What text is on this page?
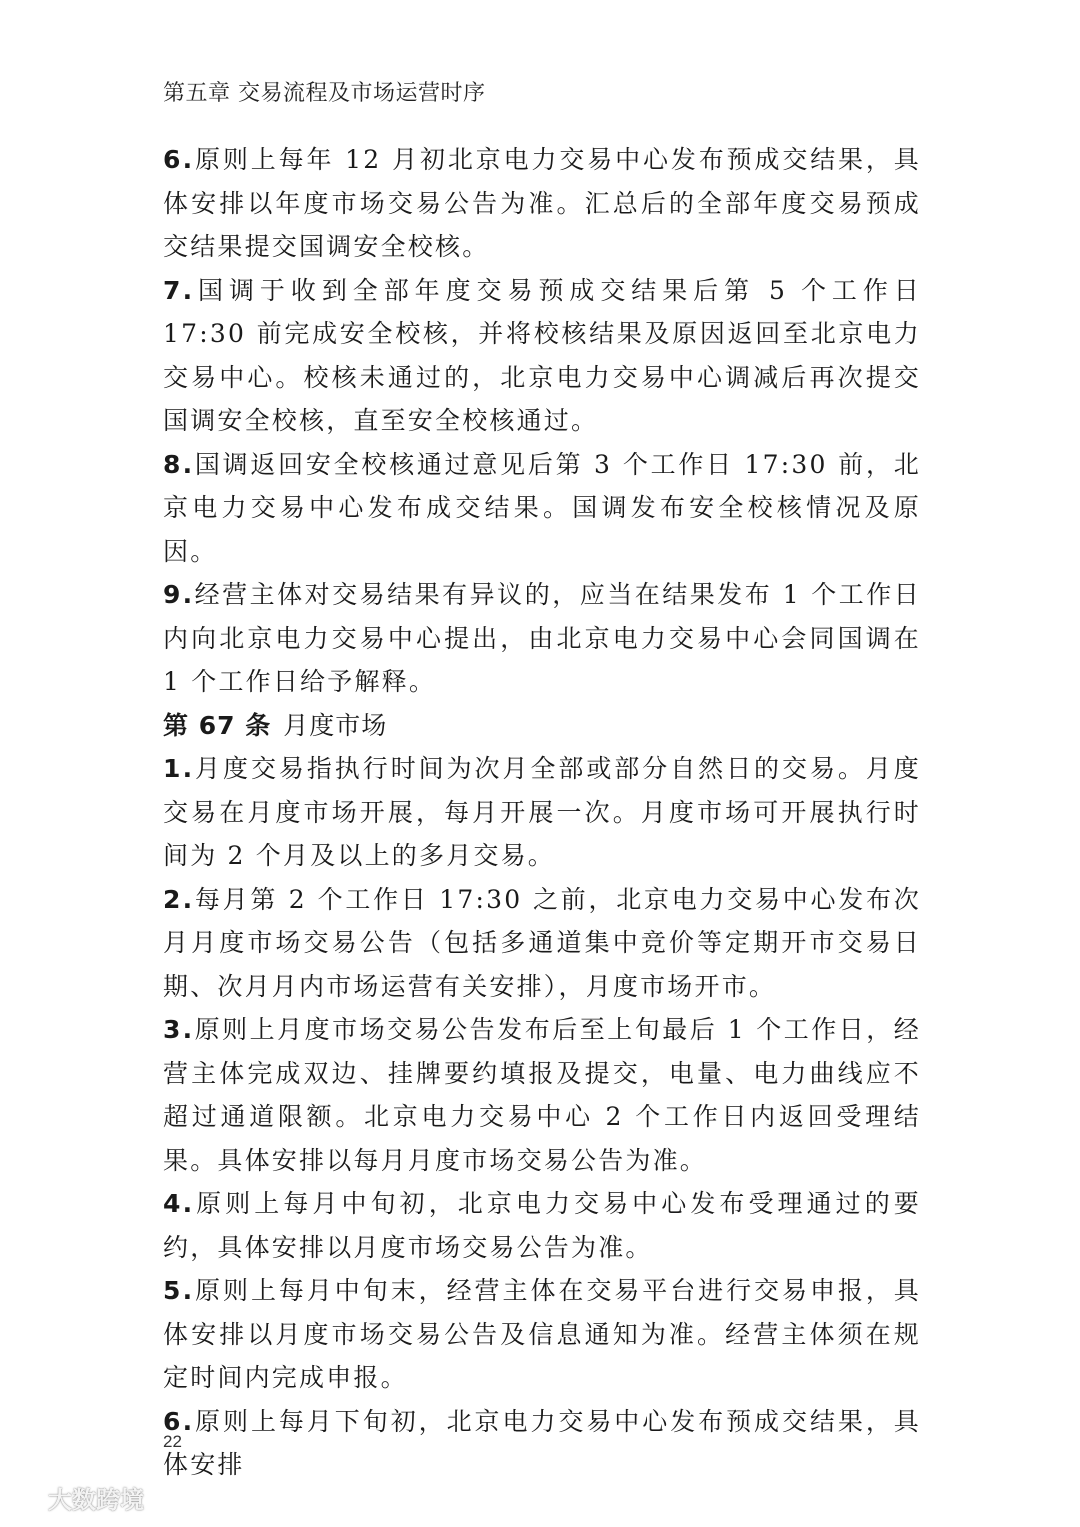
第五章 交易流程及市场运营时序

6.原则上每年 12 月初北京电力交易中心发布预成交结果，具体安排以年度市场交易公告为准。汇总后的全部年度交易预成交结果提交国调安全校核。

7.国调于收到全部年度交易预成交结果后第 5 个工作日 17:30 前完成安全校核，并将校核结果及原因返回至北京电力交易中心。校核未通过的，北京电力交易中心调减后再次提交国调安全校核，直至安全校核通过。

8.国调返回安全校核通过意见后第 3 个工作日 17:30 前，北京电力交易中心发布成交结果。国调发布安全校核情况及原因。

9.经营主体对交易结果有异议的，应当在结果发布 1 个工作日内向北京电力交易中心提出，由北京电力交易中心会同国调在 1 个工作日给予解释。

第 67 条 月度市场

1.月度交易指执行时间为次月全部或部分自然日的交易。月度交易在月度市场开展，每月开展一次。月度市场可开展执行时间为 2 个月及以上的多月交易。

2.每月第 2 个工作日 17:30 之前，北京电力交易中心发布次月月度市场交易公告（包括多通道集中竞价等定期开市交易日期、次月月内市场运营有关安排），月度市场开市。

3.原则上月度市场交易公告发布后至上旬最后 1 个工作日，经营主体完成双边、挂牌要约填报及提交，电量、电力曲线应不超过通道限额。北京电力交易中心 2 个工作日内返回受理结果。具体安排以每月月度市场交易公告为准。

4.原则上每月中旬初，北京电力交易中心发布受理通过的要约，具体安排以月度市场交易公告为准。

5.原则上每月中旬末，经营主体在交易平台进行交易申报，具体安排以月度市场交易公告及信息通知为准。经营主体须在规定时间内完成申报。

6.原则上每月下旬初，北京电力交易中心发布预成交结果，具体安排

22
大数跨境
